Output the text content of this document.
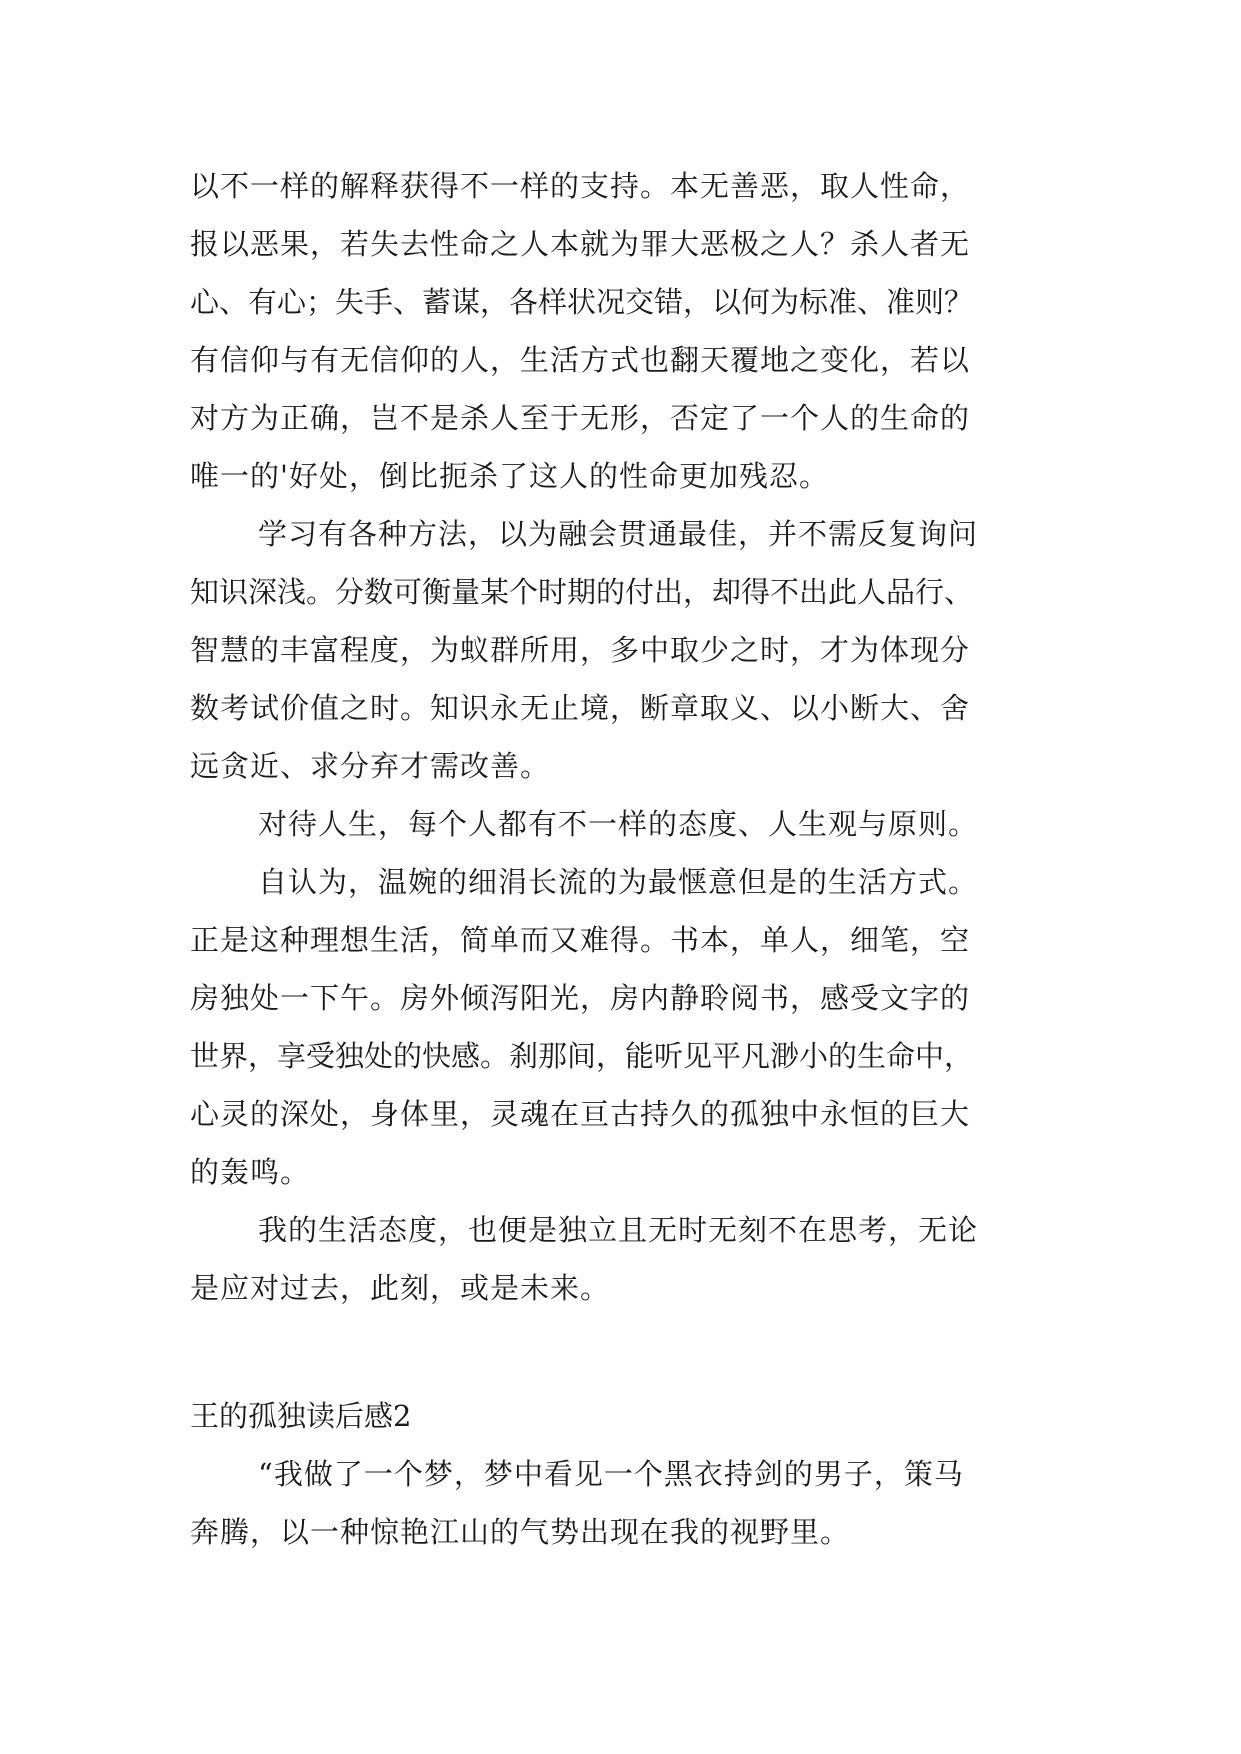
以不一样的解释获得不一样的支持。本无善恶，取人性命，
报以恶果，若失去性命之人本就为罪大恶极之人？杀人者无
心、有心；失手、蓄谋，各样状况交错，以何为标准、准则？
有信仰与有无信仰的人，生活方式也翻天覆地之变化，若以
对方为正确，岂不是杀人至于无形，否定了一个人的生命的
唯一的'好处，倒比扼杀了这人的性命更加残忍。
学习有各种方法，以为融会贯通最佳，并不需反复询问
知识深浅。分数可衡量某个时期的付出，却得不出此人品行、
智慧的丰富程度，为蚁群所用，多中取少之时，才为体现分
数考试价值之时。知识永无止境，断章取义、以小断大、舍
远贪近、求分弃才需改善。
对待人生，每个人都有不一样的态度、人生观与原则。
自认为，温婉的细涓长流的为最惬意但是的生活方式。
正是这种理想生活，简单而又难得。书本，单人，细笔，空
房独处一下午。房外倾泻阳光，房内静聆阅书，感受文字的
世界，享受独处的快感。刹那间，能听见平凡渺小的生命中，
心灵的深处，身体里，灵魂在亘古持久的孤独中永恒的巨大
的轰鸣。
我的生活态度，也便是独立且无时无刻不在思考，无论
是应对过去，此刻，或是未来。
王的孤独读后感2
“我做了一个梦，梦中看见一个黑衣持剑的男子，策马
奔腾，以一种惊艳江山的气势出现在我的视野里。
